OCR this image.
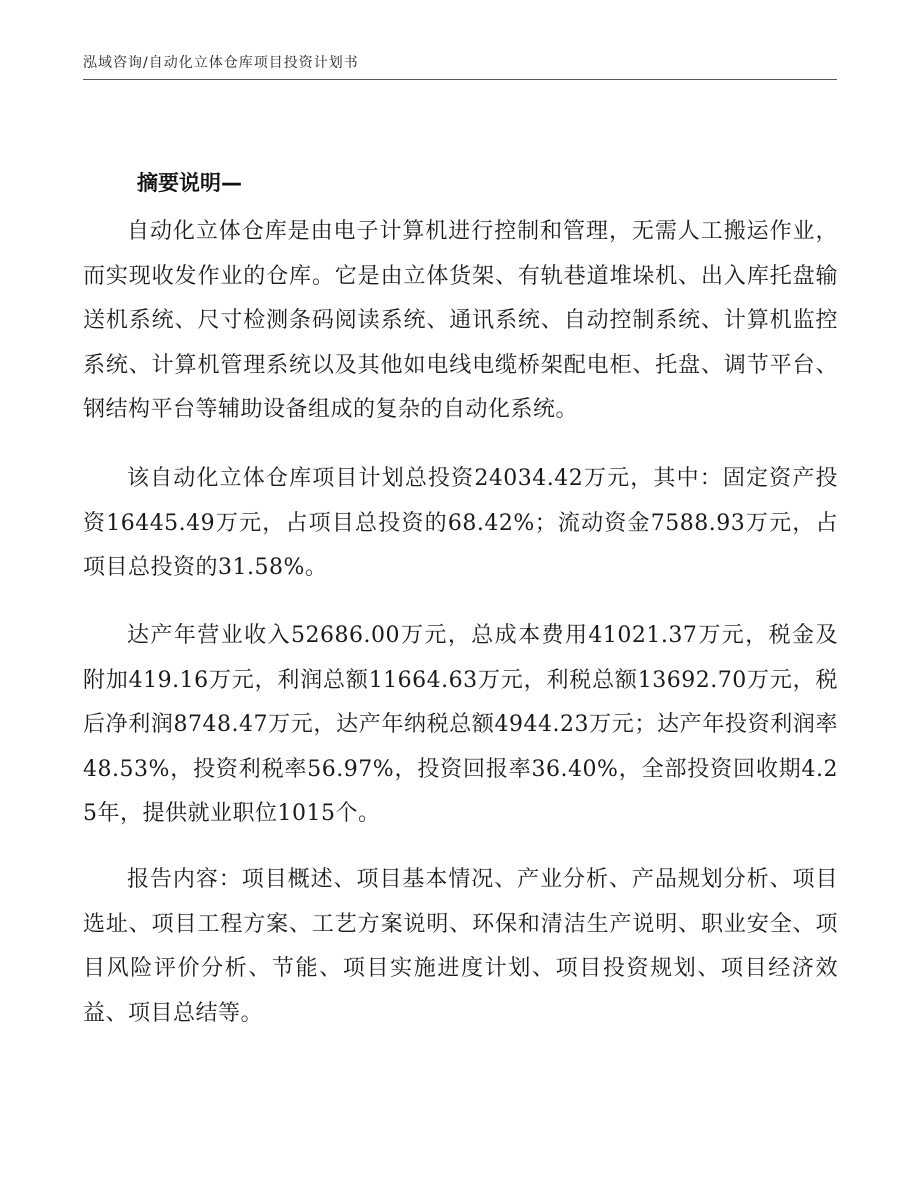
泓域咨询/自动化立体仓库项目投资计划书
摘要说明—
自动化立体仓库是由电子计算机进行控制和管理，无需人工搬运作业，而实现收发作业的仓库。它是由立体货架、有轨巷道堆垛机、出入库托盘输送机系统、尺寸检测条码阅读系统、通讯系统、自动控制系统、计算机监控系统、计算机管理系统以及其他如电线电缆桥架配电柜、托盘、调节平台、钢结构平台等辅助设备组成的复杂的自动化系统。
该自动化立体仓库项目计划总投资24034.42万元，其中：固定资产投资16445.49万元，占项目总投资的68.42%；流动资金7588.93万元，占项目总投资的31.58%。
达产年营业收入52686.00万元，总成本费用41021.37万元，税金及附加419.16万元，利润总额11664.63万元，利税总额13692.70万元，税后净利润8748.47万元，达产年纳税总额4944.23万元；达产年投资利润率48.53%，投资利税率56.97%，投资回报率36.40%，全部投资回收期4.25年，提供就业职位1015个。
报告内容：项目概述、项目基本情况、产业分析、产品规划分析、项目选址、项目工程方案、工艺方案说明、环保和清洁生产说明、职业安全、项目风险评价分析、节能、项目实施进度计划、项目投资规划、项目经济效益、项目总结等。
